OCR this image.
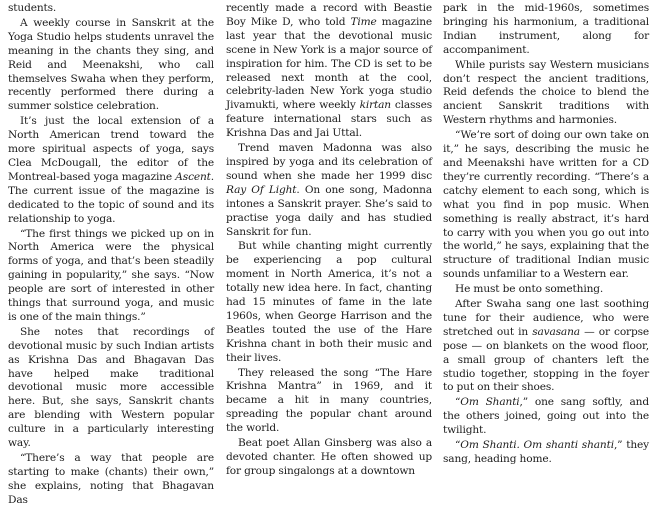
students.

A weekly course in Sanskrit at the Yoga Studio helps students unravel the meaning in the chants they sing, and Reid and Meenakshi, who call themselves Swaha when they perform, recently performed there during a summer solstice celebration.

It’s just the local extension of a North American trend toward the more spiritual aspects of yoga, says Clea McDougall, the editor of the Montreal-based yoga magazine Ascent. The current issue of the magazine is dedicated to the topic of sound and its relationship to yoga.

“The first things we picked up on in North America were the physical forms of yoga, and that’s been steadily gaining in popularity,” she says. “Now people are sort of interested in other things that surround yoga, and music is one of the main things.”

She notes that recordings of devotional music by such Indian artists as Krishna Das and Bhagavan Das have helped make traditional devotional music more accessible here. But, she says, Sanskrit chants are blending with Western popular culture in a particularly interesting way.

“There’s a way that people are starting to make (chants) their own,” she explains, noting that Bhagavan Das

recently made a record with Beastie Boy Mike D, who told Time magazine last year that the devotional music scene in New York is a major source of inspiration for him. The CD is set to be released next month at the cool, celebrity-laden New York yoga studio Jivamukti, where weekly kirtan classes feature international stars such as Krishna Das and Jai Uttal.

Trend maven Madonna was also inspired by yoga and its celebration of sound when she made her 1999 disc Ray Of Light. On one song, Madonna intones a Sanskrit prayer. She’s said to practise yoga daily and has studied Sanskrit for fun.

But while chanting might currently be experiencing a pop cultural moment in North America, it’s not a totally new idea here. In fact, chanting had 15 minutes of fame in the late 1960s, when George Harrison and the Beatles touted the use of the Hare Krishna chant in both their music and their lives.

They released the song “The Hare Krishna Mantra” in 1969, and it became a hit in many countries, spreading the popular chant around the world.

Beat poet Allan Ginsberg was also a devoted chanter. He often showed up for group singalongs at a downtown

park in the mid-1960s, sometimes bringing his harmonium, a traditional Indian instrument, along for accompaniment.

While purists say Western musicians don’t respect the ancient traditions, Reid defends the choice to blend the ancient Sanskrit traditions with Western rhythms and harmonies.

“We’re sort of doing our own take on it,” he says, describing the music he and Meenakshi have written for a CD they’re currently recording. “There’s a catchy element to each song, which is what you find in pop music. When something is really abstract, it’s hard to carry with you when you go out into the world,” he says, explaining that the structure of traditional Indian music sounds unfamiliar to a Western ear.

He must be onto something.

After Swaha sang one last soothing tune for their audience, who were stretched out in savasana — or corpse pose — on blankets on the wood floor, a small group of chanters left the studio together, stopping in the foyer to put on their shoes.

“Om Shanti,” one sang softly, and the others joined, going out into the twilight.

“Om Shanti. Om shanti shanti,” they sang, heading home.
